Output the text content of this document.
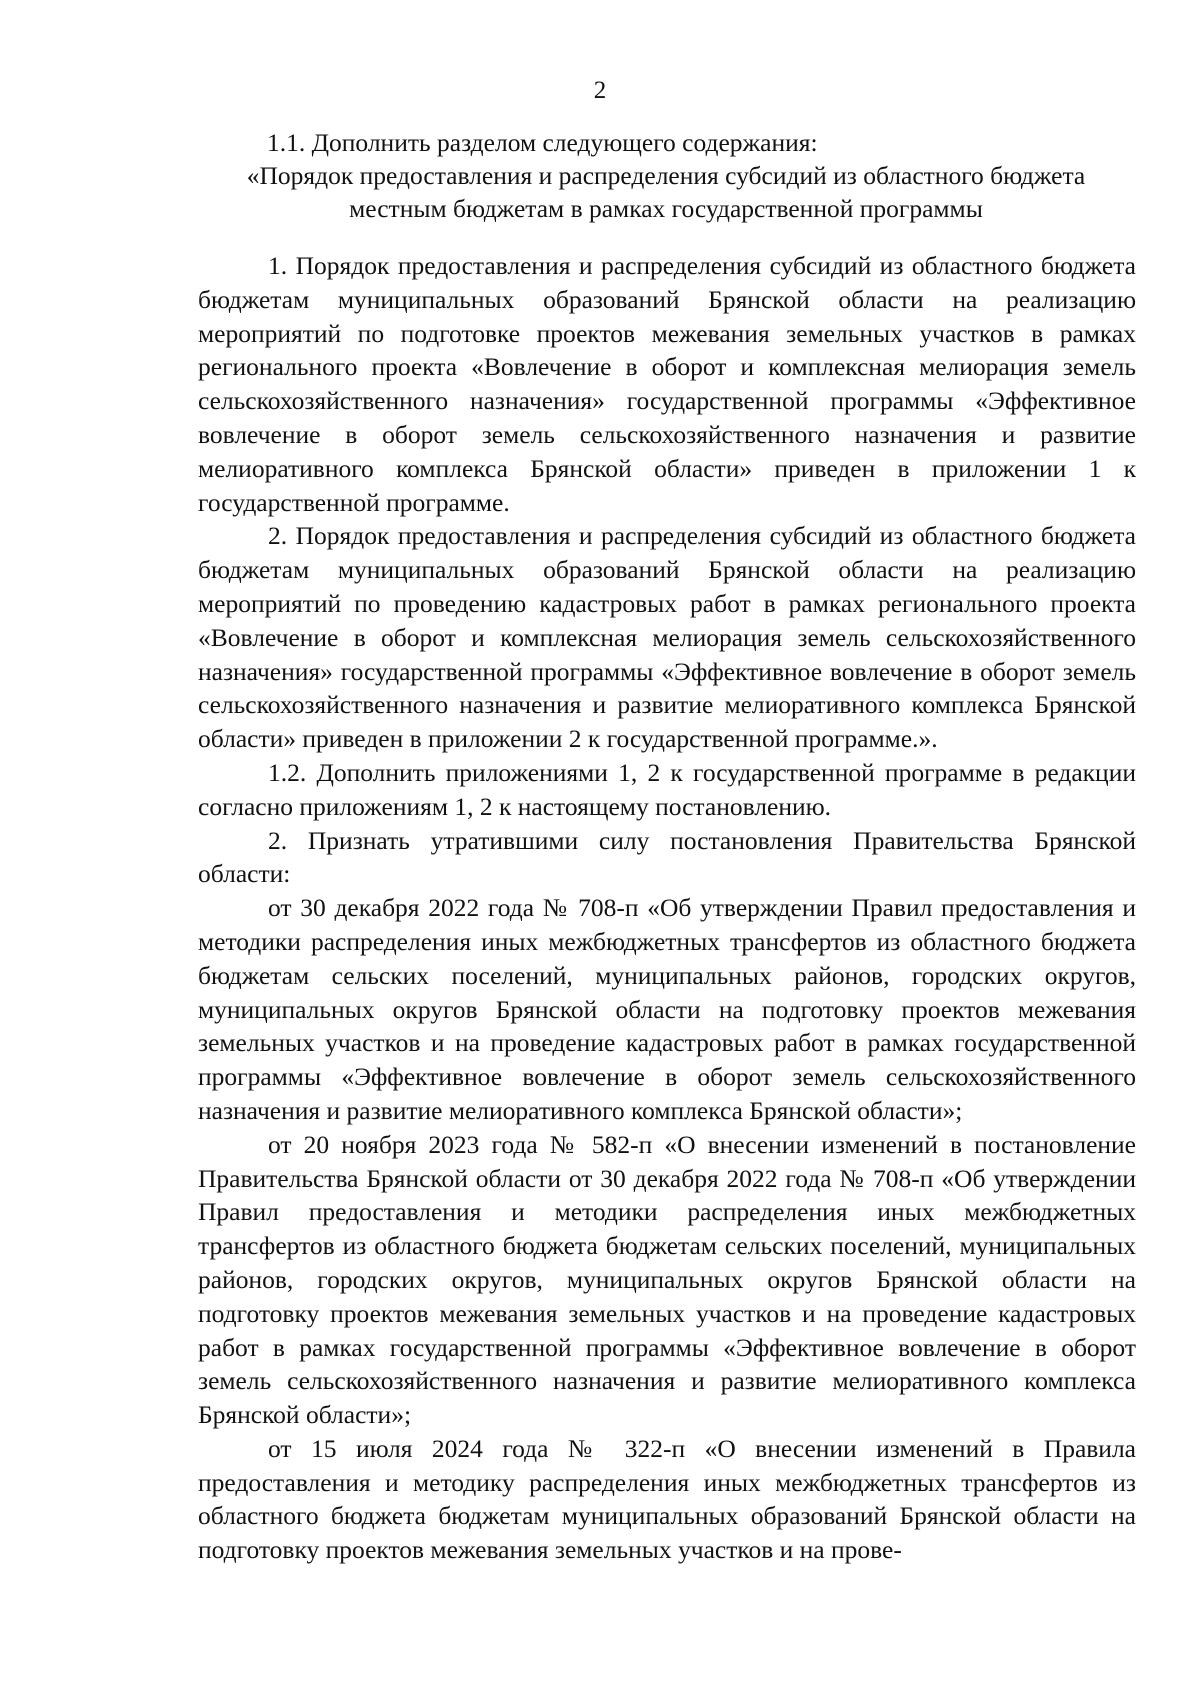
2
1.1. Дополнить разделом следующего содержания:
«Порядок предоставления и распределения субсидий из областного бюджета
местным бюджетам в рамках государственной программы

1. Порядок предоставления и распределения субсидий из областного бюджета бюджетам муниципальных образований Брянской области на реализацию мероприятий по подготовке проектов межевания земельных участков в рамках регионального проекта «Вовлечение в оборот и комплексная мелиорация земель сельскохозяйственного назначения» государственной программы «Эффективное вовлечение в оборот земель сельскохозяйственного назначения и развитие мелиоративного комплекса Брянской области» приведен в приложении 1 к государственной программе.

2. Порядок предоставления и распределения субсидий из областного бюджета бюджетам муниципальных образований Брянской области на реализацию мероприятий по проведению кадастровых работ в рамках регионального проекта «Вовлечение в оборот и комплексная мелиорация земель сельскохозяйственного назначения» государственной программы «Эффективное вовлечение в оборот земель сельскохозяйственного назначения и развитие мелиоративного комплекса Брянской области» приведен в приложении 2 к государственной программе.».

1.2. Дополнить приложениями 1, 2 к государственной программе в редакции согласно приложениям 1, 2 к настоящему постановлению.

2. Признать утратившими силу постановления Правительства Брянской области:

от 30 декабря 2022 года № 708-п «Об утверждении Правил предоставления и методики распределения иных межбюджетных трансфертов из областного бюджета бюджетам сельских поселений, муниципальных районов, городских округов, муниципальных округов Брянской области на подготовку проектов межевания земельных участков и на проведение кадастровых работ в рамках государственной программы «Эффективное вовлечение в оборот земель сельскохозяйственного назначения и развитие мелиоративного комплекса Брянской области»;

от 20 ноября 2023 года № 582-п «О внесении изменений в постановление Правительства Брянской области от 30 декабря 2022 года № 708-п «Об утверждении Правил предоставления и методики распределения иных межбюджетных трансфертов из областного бюджета бюджетам сельских поселений, муниципальных районов, городских округов, муниципальных округов Брянской области на подготовку проектов межевания земельных участков и на проведение кадастровых работ в рамках государственной программы «Эффективное вовлечение в оборот земель сельскохозяйственного назначения и развитие мелиоративного комплекса Брянской области»;

от 15 июля 2024 года № 322-п «О внесении изменений в Правила предоставления и методику распределения иных межбюджетных трансфертов из областного бюджета бюджетам муниципальных образований Брянской области на подготовку проектов межевания земельных участков и на прове-
